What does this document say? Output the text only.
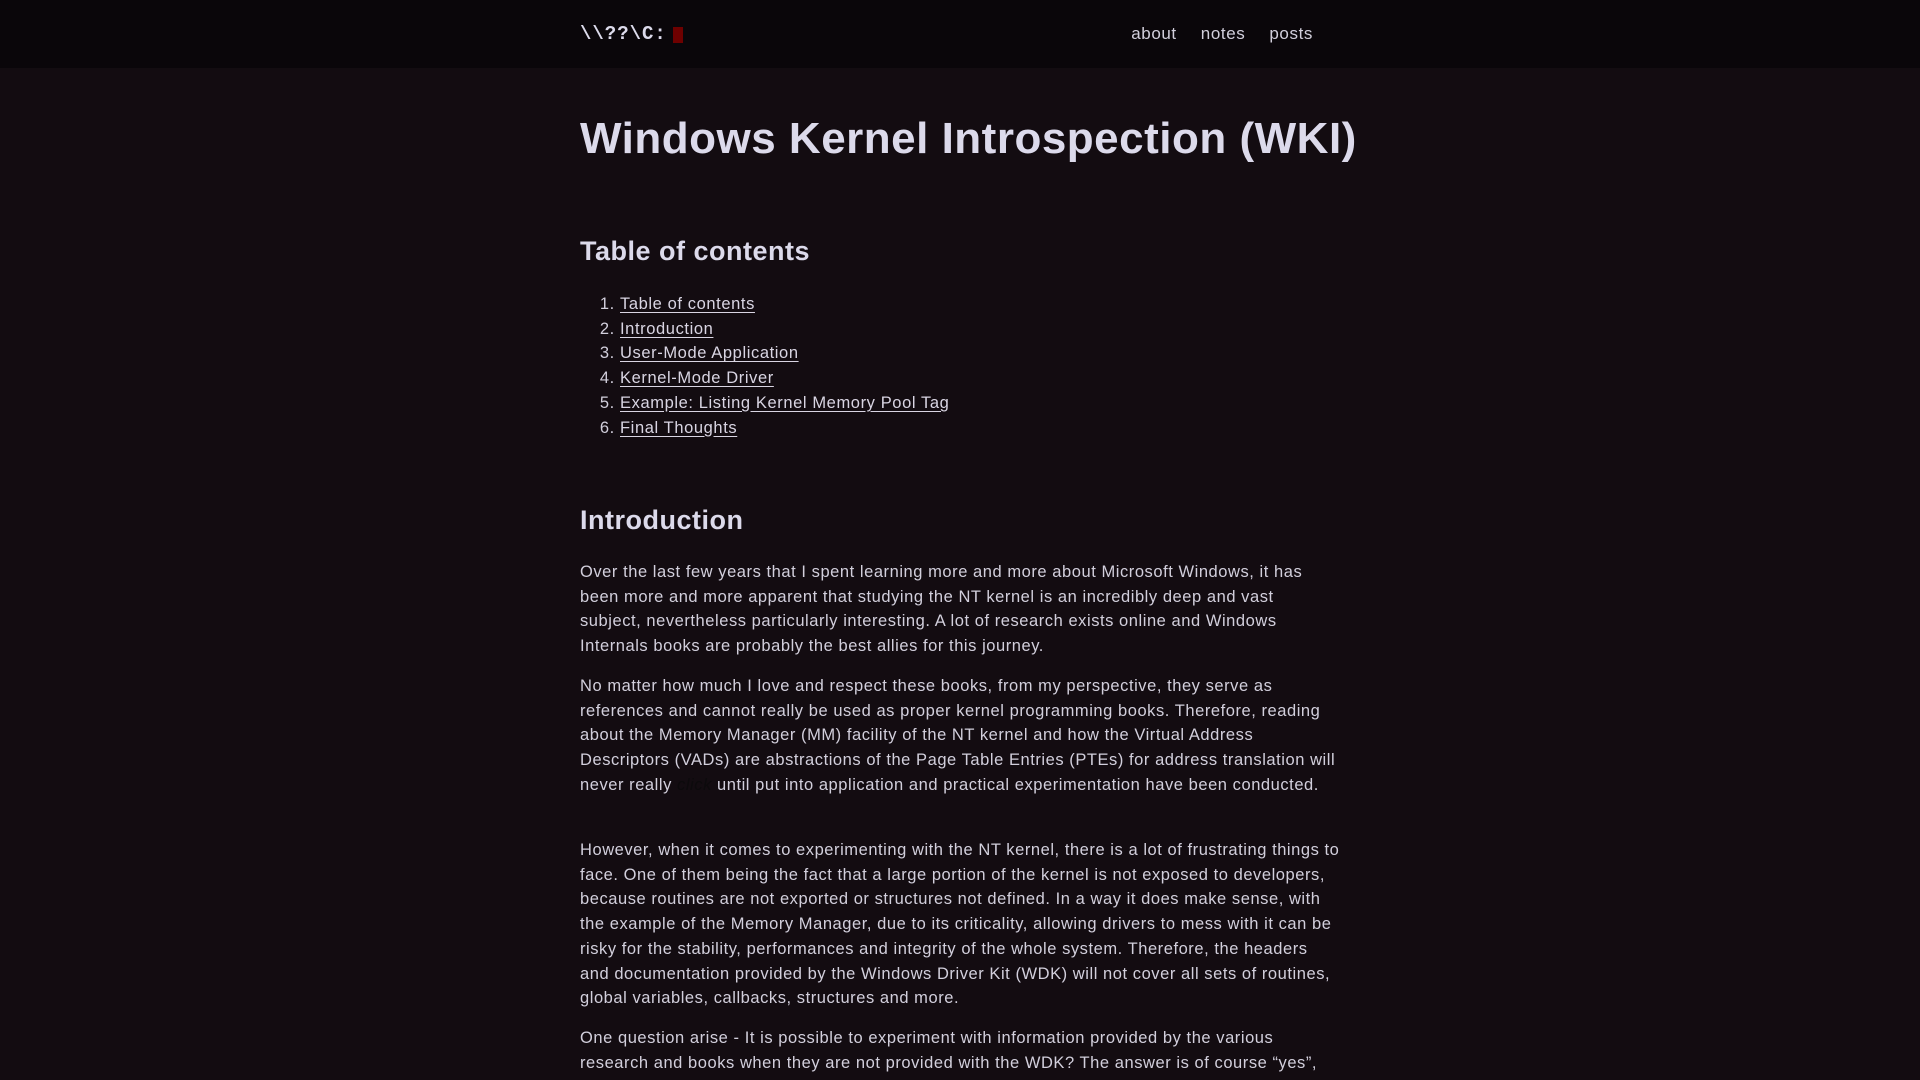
\\??\C:	about notes posts
Windows Kernel Introspection (WKI)
Table of contents
1. Table of contents
2. Introduction
3. User-Mode Application
4. Kernel-Mode Driver
5. Example: Listing Kernel Memory Pool Tag
6. Final Thoughts
Introduction

Over the last few years that I spent learning more and more about Microsoft Windows, it has been more and more apparent that studying the NT kernel is an incredibly deep and vast subject, nevertheless particularly interesting. A lot of research exists online and Windows Internals books are probably the best allies for this journey.

No matter how much I love and respect these books, from my perspective, they serve as references and cannot really be used as proper kernel programming books. Therefore, reading about the Memory Manager (MM) facility of the NT kernel and how the Virtual Address Descriptors (VADs) are abstractions of the Page Table Entries (PTEs) for address translation will never really click until put into application and practical experimentation have been conducted.

However, when it comes to experimenting with the NT kernel, there is a lot of frustrating things to face. One of them being the fact that a large portion of the kernel is not exposed to developers, because routines are not exported or structures not defined. In a way it does make sense, with the example of the Memory Manager, due to its criticality, allowing drivers to mess with it can be risky for the stability, performances and integrity of the whole system. Therefore, the headers and documentation provided by the Windows Driver Kit (WDK) will not cover all sets of routines, global variables, callbacks, structures and more.

One question arise - It is possible to experiment with information provided by the various research and books when they are not provided with the WDK? The answer is of course “yes”,
